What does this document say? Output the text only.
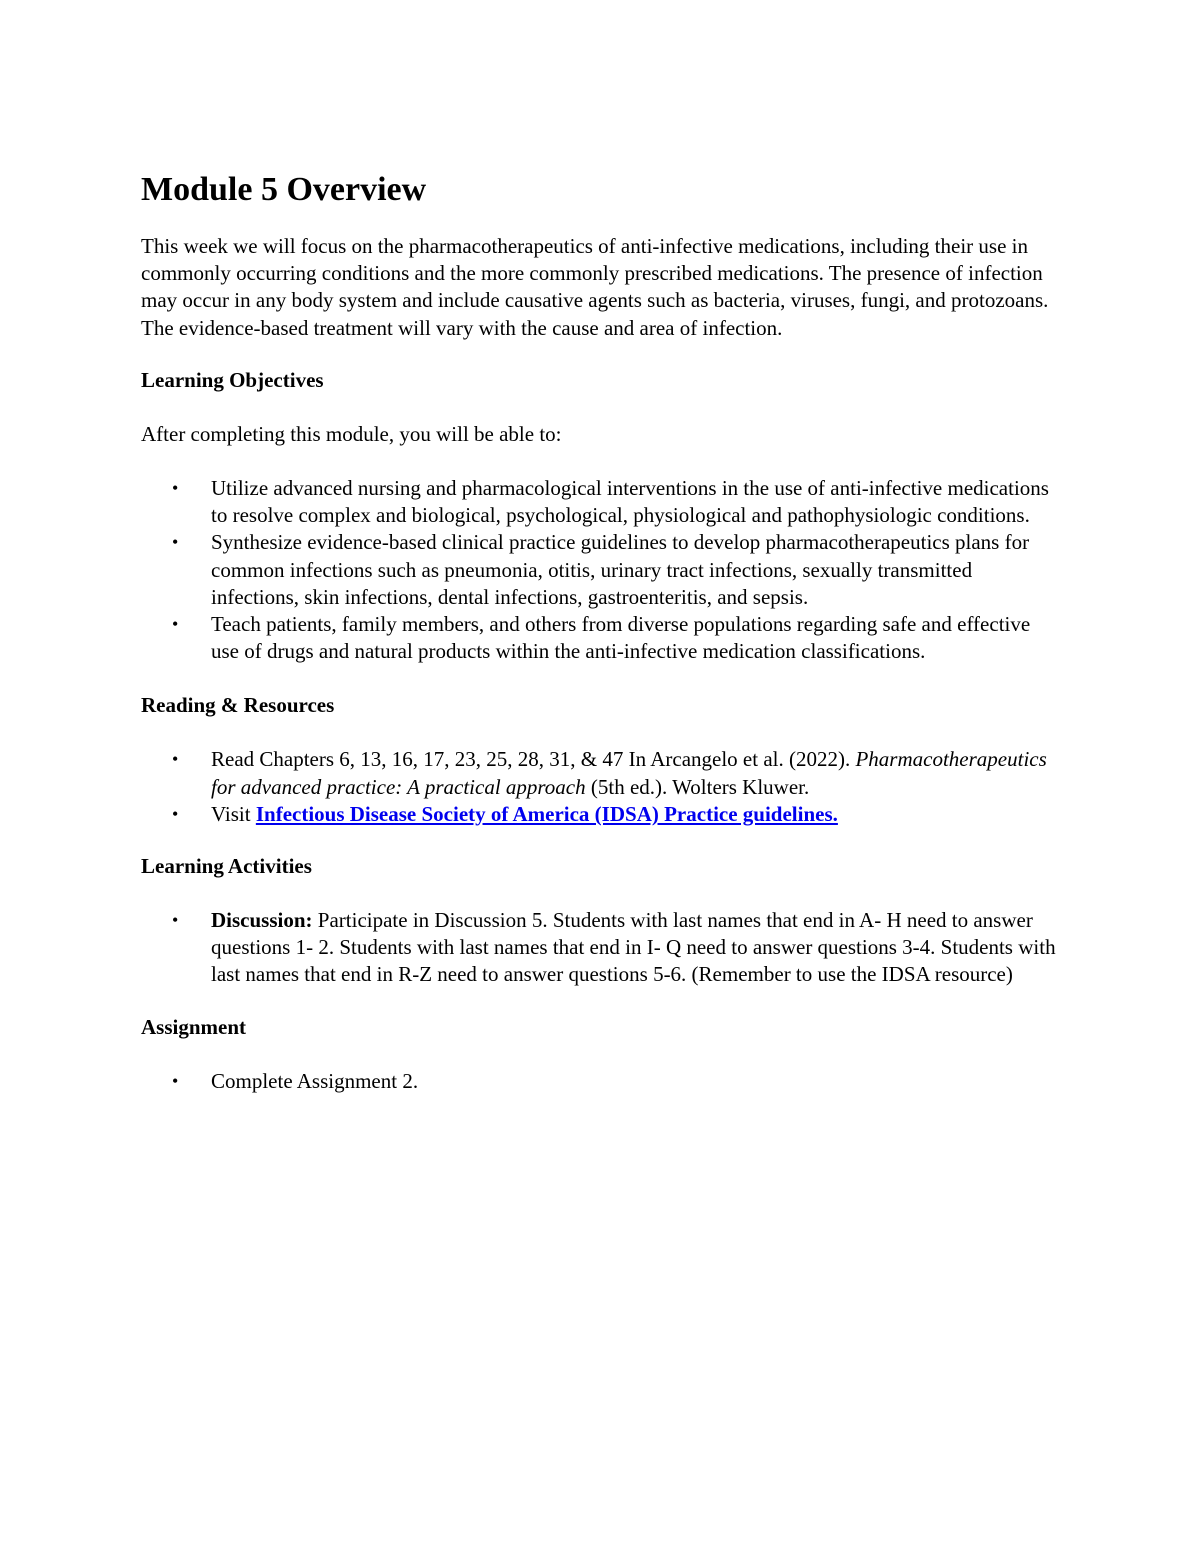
Module 5 Overview

This week we will focus on the pharmacotherapeutics of anti-infective medications, including their use in commonly occurring conditions and the more commonly prescribed medications. The presence of infection may occur in any body system and include causative agents such as bacteria, viruses, fungi, and protozoans. The evidence-based treatment will vary with the cause and area of infection.

Learning Objectives

After completing this module, you will be able to:

• Utilize advanced nursing and pharmacological interventions in the use of anti-infective medications to resolve complex and biological, psychological, physiological and pathophysiologic conditions.
• Synthesize evidence-based clinical practice guidelines to develop pharmacotherapeutics plans for common infections such as pneumonia, otitis, urinary tract infections, sexually transmitted infections, skin infections, dental infections, gastroenteritis, and sepsis.
• Teach patients, family members, and others from diverse populations regarding safe and effective use of drugs and natural products within the anti-infective medication classifications.
Reading & Resources
• Read Chapters 6, 13, 16, 17, 23, 25, 28, 31, & 47 In Arcangelo et al. (2022). Pharmacotherapeutics for advanced practice: A practical approach (5th ed.). Wolters Kluwer.
• Visit Infectious Disease Society of America (IDSA) Practice guidelines.
Learning Activities
• Discussion: Participate in Discussion 5. Students with last names that end in A- H need to answer questions 1- 2. Students with last names that end in I- Q need to answer questions 3-4. Students with last names that end in R-Z need to answer questions 5-6. (Remember to use the IDSA resource)
Assignment
• Complete Assignment 2.
